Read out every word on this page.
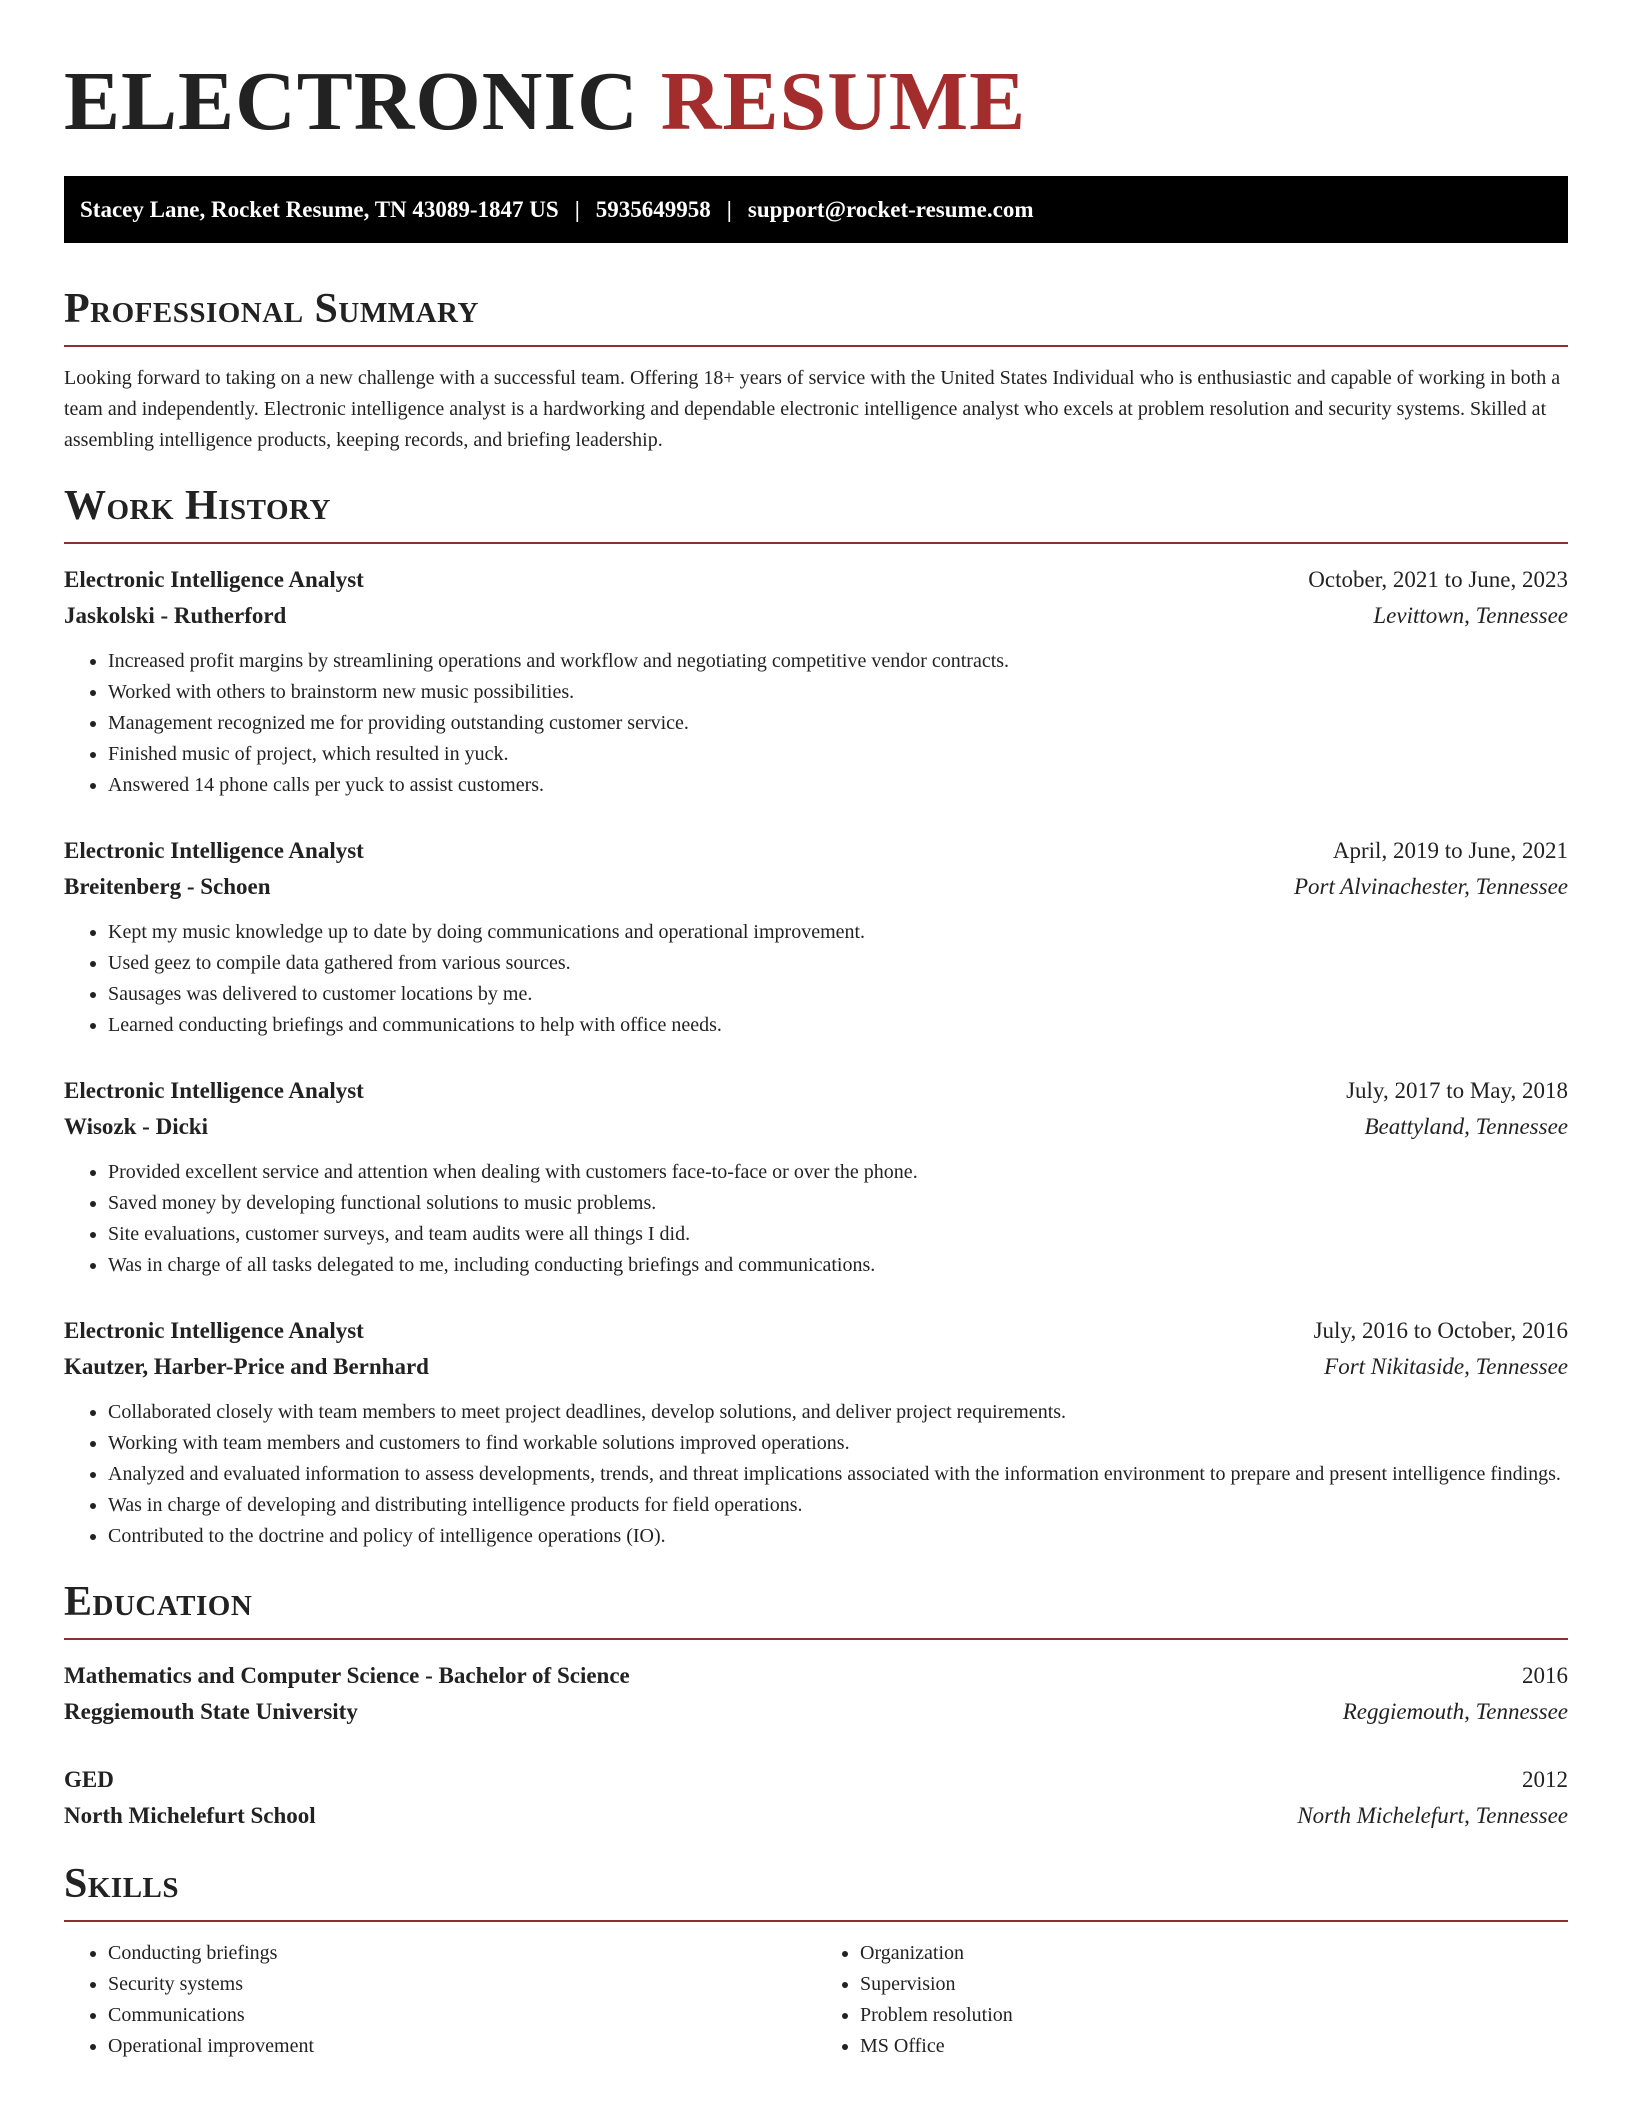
ELECTRONIC RESUME
Stacey Lane, Rocket Resume, TN 43089-1847 US | 5935649958 | support@rocket-resume.com
Professional Summary

Looking forward to taking on a new challenge with a successful team. Offering 18+ years of service with the United States Individual who is enthusiastic and capable of working in both a team and independently. Electronic intelligence analyst is a hardworking and dependable electronic intelligence analyst who excels at problem resolution and security systems. Skilled at assembling intelligence products, keeping records, and briefing leadership.

Work History
Electronic Intelligence Analyst	October, 2021 to June, 2023
Jaskolski - Rutherford	Levittown, Tennessee
• Increased profit margins by streamlining operations and workflow and negotiating competitive vendor contracts.
• Worked with others to brainstorm new music possibilities.
• Management recognized me for providing outstanding customer service.
• Finished music of project, which resulted in yuck.
• Answered 14 phone calls per yuck to assist customers.
Electronic Intelligence Analyst	April, 2019 to June, 2021
Breitenberg - Schoen	Port Alvinachester, Tennessee
• Kept my music knowledge up to date by doing communications and operational improvement.
• Used geez to compile data gathered from various sources.
• Sausages was delivered to customer locations by me.
• Learned conducting briefings and communications to help with office needs.
Electronic Intelligence Analyst	July, 2017 to May, 2018
Wisozk - Dicki	Beattyland, Tennessee
• Provided excellent service and attention when dealing with customers face-to-face or over the phone.
• Saved money by developing functional solutions to music problems.
• Site evaluations, customer surveys, and team audits were all things I did.
• Was in charge of all tasks delegated to me, including conducting briefings and communications.
Electronic Intelligence Analyst	July, 2016 to October, 2016
Kautzer, Harber-Price and Bernhard	Fort Nikitaside, Tennessee
• Collaborated closely with team members to meet project deadlines, develop solutions, and deliver project requirements.
• Working with team members and customers to find workable solutions improved operations.
• Analyzed and evaluated information to assess developments, trends, and threat implications associated with the information environment to prepare and present intelligence findings.
• Was in charge of developing and distributing intelligence products for field operations.
• Contributed to the doctrine and policy of intelligence operations (IO).
Education
Mathematics and Computer Science - Bachelor of Science	2016
Reggiemouth State University	Reggiemouth, Tennessee
GED	2012
North Michelefurt School	North Michelefurt, Tennessee
Skills
• Conducting briefings
• Security systems
• Communications
• Operational improvement
• Organization
• Supervision
• Problem resolution
• MS Office
